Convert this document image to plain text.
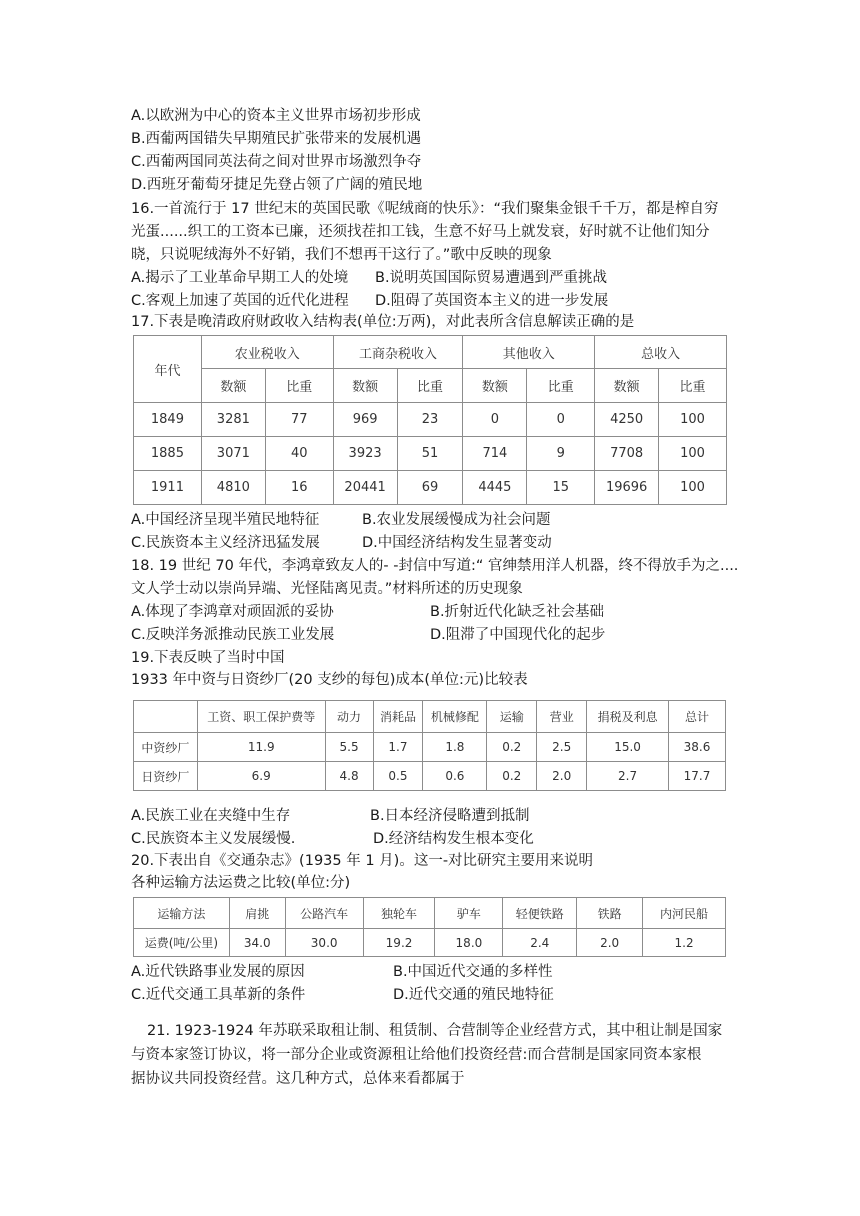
A.以欧洲为中心的资本主义世界市场初步形成
B.西葡两国错失早期殖民扩张带来的发展机遇
C.西葡两国同英法荷之间对世界市场激烈争夺
D.西班牙葡萄牙捷足先登占领了广阔的殖民地
16.一首流行于 17 世纪末的英国民歌《呢绒商的快乐》：“我们聚集金银千千万，都是榨自穷
光蛋......织工的工资本已廉，还须找茬扣工钱，生意不好马上就发衰，好时就不让他们知分
晓，只说呢绒海外不好销，我们不想再干这行了。”歌中反映的现象
A.揭示了工业革命早期工人的处境 B.说明英国国际贸易遭遇到严重挑战
C.客观上加速了英国的近代化进程 D.阻碍了英国资本主义的进一步发展
17.下表是晚清政府财政收入结构表(单位:万两)，对此表所含信息解读正确的是
年代	农业税收入		工商杂税收入		其他收入		总收入	
	数额	比重	数额	比重	数额	比重	数额	比重
1849	3281	77	969	23	0	0	4250	100
1885	3071	40	3923	51	714	9	7708	100
1911	4810	16	20441	69	4445	15	19696	100
A.中国经济呈现半殖民地特征	B.农业发展缓慢成为社会问题
C.民族资本主义经济迅猛发展	D.中国经济结构发生显著变动
18. 19 世纪 70 年代，李鸿章致友人的- -封信中写道:“ 官绅禁用洋人机器，终不得放手为之....
文人学士动以崇尚异端、光怪陆离见责。”材料所述的历史现象
A.体现了李鸿章对顽固派的妥协	B.折射近代化缺乏社会基础
C.反映洋务派推动民族工业发展	D.阻滞了中国现代化的起步
19.下表反映了当时中国
1933 年中资与日资纱厂(20 支纱的每包)成本(单位:元)比较表
	工资、职工保护费等	动力	消耗品	机械修配	运输	营业	捐税及利息	总计
中资纱厂	11.9	5.5	1.7	1.8	0.2	2.5	15.0	38.6
日资纱厂	6.9	4.8	0.5	0.6	0.2	2.0	2.7	17.7
A.民族工业在夹缝中生存	B.日本经济侵略遭到抵制
C.民族资本主义发展缓慢.	D.经济结构发生根本变化
20.下表出自《交通杂志》(1935 年 1 月)。这一-对比研究主要用来说明
各种运输方法运费之比较(单位:分)
运输方法	肩挑	公路汽车	独轮车	驴车	轻便铁路	铁路	内河民船
运费(吨/公里)	34.0	30.0	19.2	18.0	2.4	2.0	1.2
A.近代铁路事业发展的原因	B.中国近代交通的多样性
C.近代交通工具革新的条件	D.近代交通的殖民地特征
21. 1923-1924 年苏联采取租让制、租赁制、合营制等企业经营方式，其中租让制是国家
与资本家签订协议，将一部分企业或资源租让给他们投资经营:而合营制是国家同资本家根
据协议共同投资经营。这几种方式，总体来看都属于
